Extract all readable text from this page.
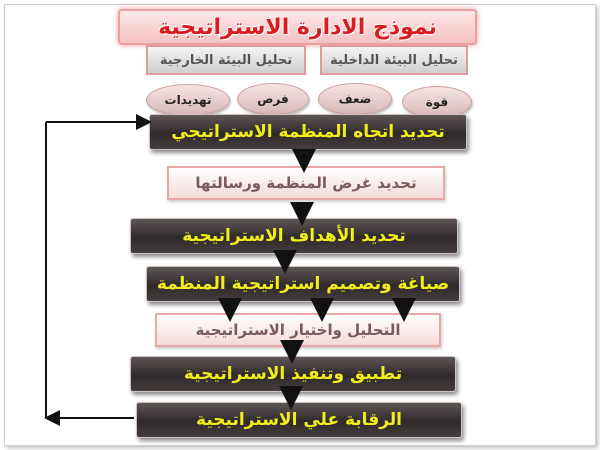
نموذج الادارة الاستراتيجية
تحليل البيئة الخارجية	تحليل البيئة الداخلية
تهديدات	فرص	ضعف	قوة
تحديد اتجاه المنظمة الاستراتيجي
تحديد غرض المنظمة ورسالتها
تحديد الأهداف الاستراتيجية
صياغة وتصميم استراتيجية المنظمة
التحليل واختيار الاستراتيجية
تطبيق وتنفيذ الاستراتيجية
الرقابة علي الاستراتيجية
